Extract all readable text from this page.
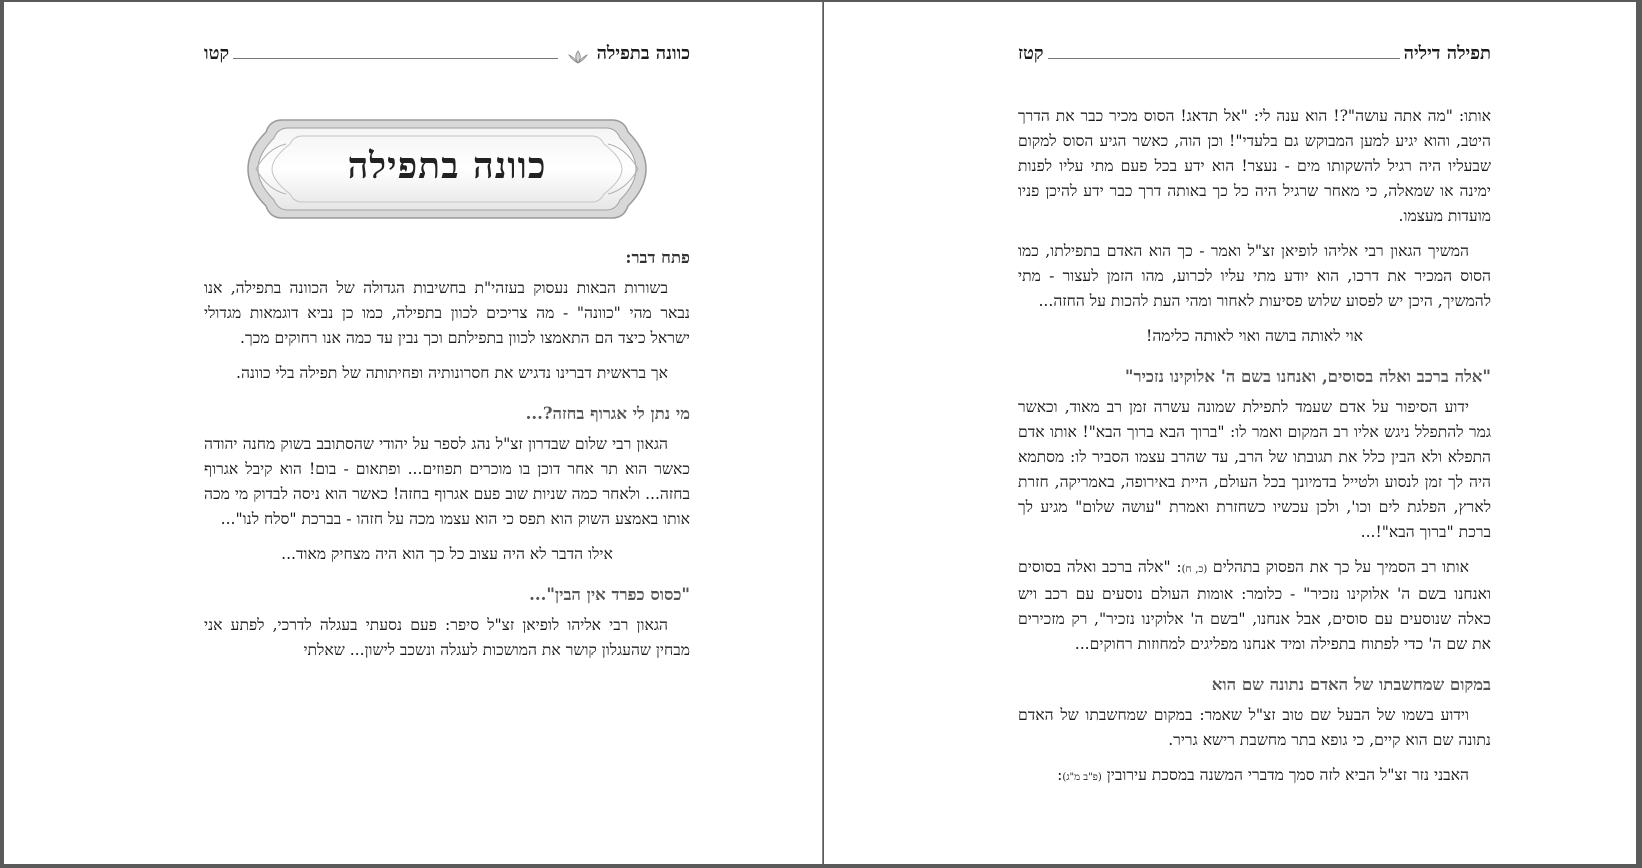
כוונה בתפילה
קטו
כוונה בתפילה
פתח דבר:

בשורות הבאות נעסוק בעזהי"ת בחשיבות הגדולה של הכוונה בתפילה, אנו נבאר מהי "כוונה" - מה צריכים לכוון בתפילה, כמו כן נביא דוגמאות מגדולי ישראל כיצד הם התאמצו לכוון בתפילתם וכך נבין עד כמה אנו רחוקים מכך.

אך בראשית דברינו נדגיש את חסרונותיה ופחיתותה של תפילה בלי כוונה.

מי נתן לי אגרוף בחזה?...

הגאון רבי שלום שבדרון זצ"ל נהג לספר על יהודי שהסתובב בשוק מחנה יהודה כאשר הוא תר אחר דוכן בו מוכרים תפוזים... ופתאום - בום! הוא קיבל אגרוף בחזה... ולאחר כמה שניות שוב פעם אגרוף בחזה! כאשר הוא ניסה לבדוק מי מכה אותו באמצע השוק הוא תפס כי הוא עצמו מכה על חזהו - בברכת "סלח לנו"...

אילו הדבר לא היה עצוב כל כך הוא היה מצחיק מאוד...

"כסוס כפרד אין הבין"...

הגאון רבי אליהו לופיאן זצ"ל סיפר: פעם נסעתי בעגלה לדרכי, לפתע אני מבחין שהעגלון קושר את המושכות לעגלה ונשכב לישון... שאלתי

תפילה דיליה
קטז

אותו: "מה אתה עושה"?! הוא ענה לי: "אל תדאג! הסוס מכיר כבר את הדרך היטב, והוא יגיע למען המבוקש גם בלעדי"! וכן הוה, כאשר הגיע הסוס למקום שבעליו היה רגיל להשקותו מים - נעצר! הוא ידע בכל פעם מתי עליו לפנות ימינה או שמאלה, כי מאחר שרגיל היה כל כך באותה דרך כבר ידע להיכן פניו מועדות מעצמו.

המשיך הגאון רבי אליהו לופיאן זצ"ל ואמר - כך הוא האדם בתפילתו, כמו הסוס המכיר את דרכו, הוא יודע מתי עליו לכרוע, מהו הזמן לעצור - מתי להמשיך, היכן יש לפסוע שלוש פסיעות לאחור ומהי העת להכות על החזה...

אוי לאותה בושה ואוי לאותה כלימה!

"אלה ברכב ואלה בסוסים, ואנחנו בשם ה' אלוקינו נזכיר"

ידוע הסיפור על אדם שעמד לתפילת שמונה עשרה זמן רב מאוד, וכאשר גמר להתפלל ניגש אליו רב המקום ואמר לו: "ברוך הבא ברוך הבא"! אותו אדם התפלא ולא הבין כלל את תגובתו של הרב, עד שהרב עצמו הסביר לו: מסתמא היה לך זמן לנסוע ולטייל בדמיונך בכל העולם, היית באירופה, באמריקה, חזרת לארץ, הפלגת לים וכו', ולכן עכשיו כשחזרת ואמרת "עושה שלום" מגיע לך ברכת "ברוך הבא"!...

אותו רב הסמיך על כך את הפסוק בתהלים (כ, ח): "אלה ברכב ואלה בסוסים ואנחנו בשם ה' אלוקינו נזכיר" - כלומר: אומות העולם נוסעים עם רכב ויש כאלה שנוסעים עם סוסים, אבל אנחנו, "בשם ה' אלוקינו נזכיר", רק מזכירים את שם ה' כדי לפתוח בתפילה ומיד אנחנו מפליגים למחוזות רחוקים...

במקום שמחשבתו של האדם נתונה שם הוא

וידוע בשמו של הבעל שם טוב זצ"ל שאמר: במקום שמחשבתו של האדם נתונה שם הוא קיים, כי גופא בתר מחשבת רישא גריר.

האבני נזר זצ"ל הביא לזה סמך מדברי המשנה במסכת עירובין (פ"ב מ"ג):
